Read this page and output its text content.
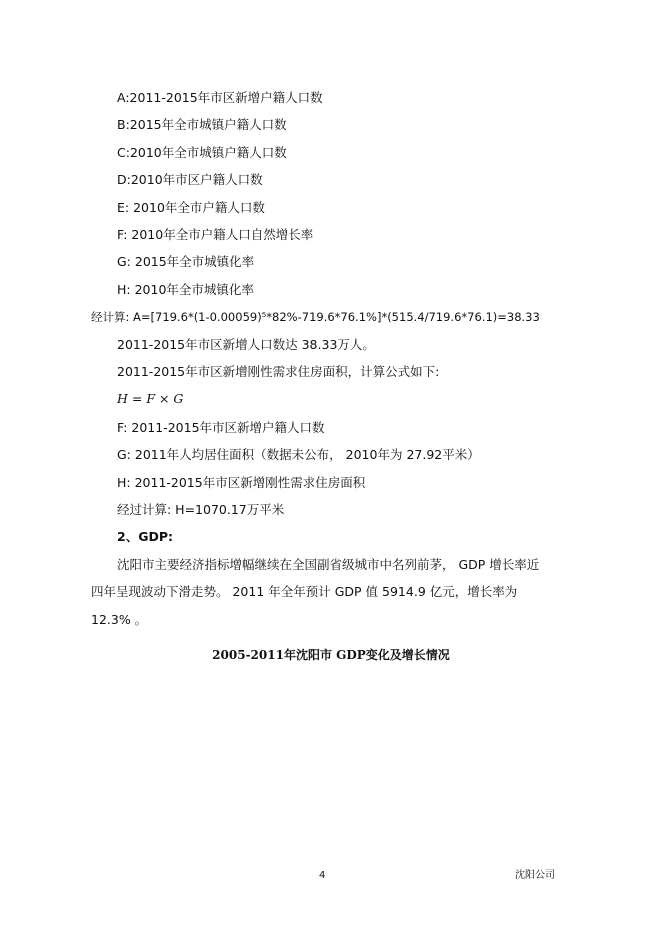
A:2011-2015年市区新增户籍人口数
B:2015年全市城镇户籍人口数
C:2010年全市城镇户籍人口数
D:2010年市区户籍人口数
E: 2010年全市户籍人口数
F: 2010年全市户籍人口自然增长率
G: 2015年全市城镇化率
H: 2010年全市城镇化率
经计算: A=[719.6*(1-0.00059)⁵*82%-719.6*76.1%]*(515.4/719.6*76.1)=38.33
2011-2015年市区新增人口数达 38.33万人。
2011-2015年市区新增刚性需求住房面积，计算公式如下:
H = F × G
F: 2011-2015年市区新增户籍人口数
G: 2011年人均居住面积（数据未公布， 2010年为 27.92平米）
H: 2011-2015年市区新增刚性需求住房面积
经过计算: H=1070.17万平米
2、GDP:
沈阳市主要经济指标增幅继续在全国副省级城市中名列前茅， GDP 增长率近
四年呈现波动下滑走势。 2011 年全年预计 GDP 值 5914.9 亿元，增长率为
12.3% 。
2005-2011年沈阳市 GDP变化及增长情况
4	沈阳公司
